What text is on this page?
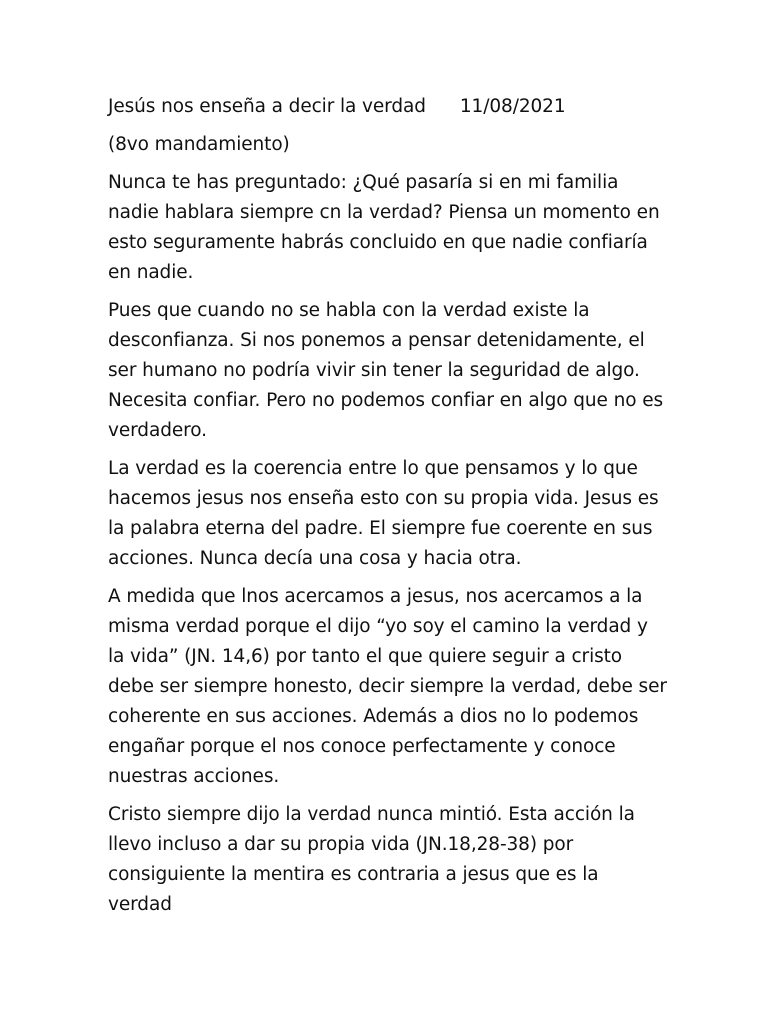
Jesús nos enseña a decir la verdad 11/08/2021

(8vo mandamiento)

Nunca te has preguntado: ¿Qué pasaría si en mi familia nadie hablara siempre cn la verdad? Piensa un momento en esto seguramente habrás concluido en que nadie confiaría en nadie.

Pues que cuando no se habla con la verdad existe la desconfianza. Si nos ponemos a pensar detenidamente, el ser humano no podría vivir sin tener la seguridad de algo. Necesita confiar. Pero no podemos confiar en algo que no es verdadero.

La verdad es la coerencia entre lo que pensamos y lo que hacemos jesus nos enseña esto con su propia vida. Jesus es la palabra eterna del padre. El siempre fue coerente en sus acciones. Nunca decía una cosa y hacia otra.

A medida que lnos acercamos a jesus, nos acercamos a la misma verdad porque el dijo “yo soy el camino la verdad y la vida” (JN. 14,6) por tanto el que quiere seguir a cristo debe ser siempre honesto, decir siempre la verdad, debe ser coherente en sus acciones. Además a dios no lo podemos engañar porque el nos conoce perfectamente y conoce nuestras acciones.

Cristo siempre dijo la verdad nunca mintió. Esta acción la llevo incluso a dar su propia vida (JN.18,28-38) por consiguiente la mentira es contraria a jesus que es la verdad
